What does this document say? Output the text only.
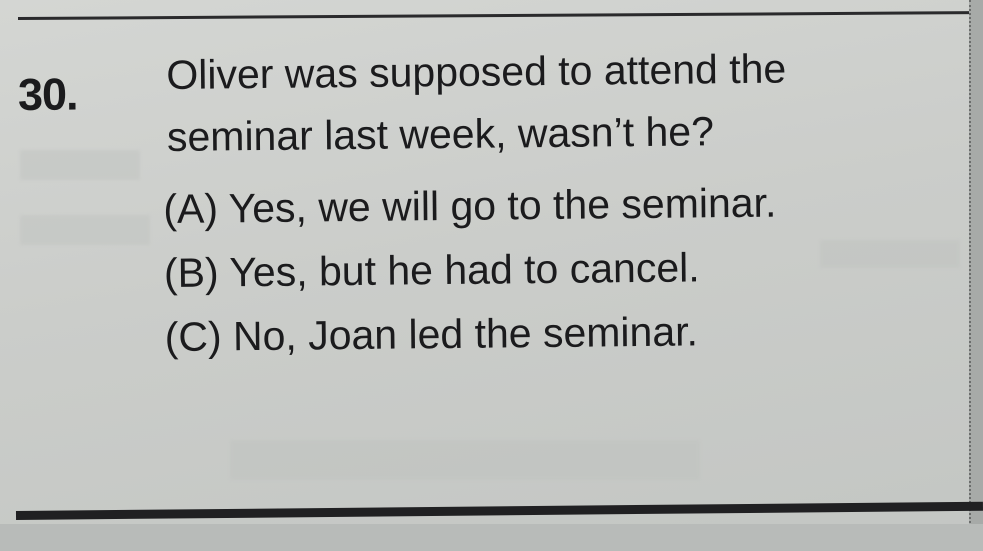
30. Oliver was supposed to attend the
seminar last week, wasn’t he?
(A) Yes, we will go to the seminar.
(B) Yes, but he had to cancel.
(C) No, Joan led the seminar.
